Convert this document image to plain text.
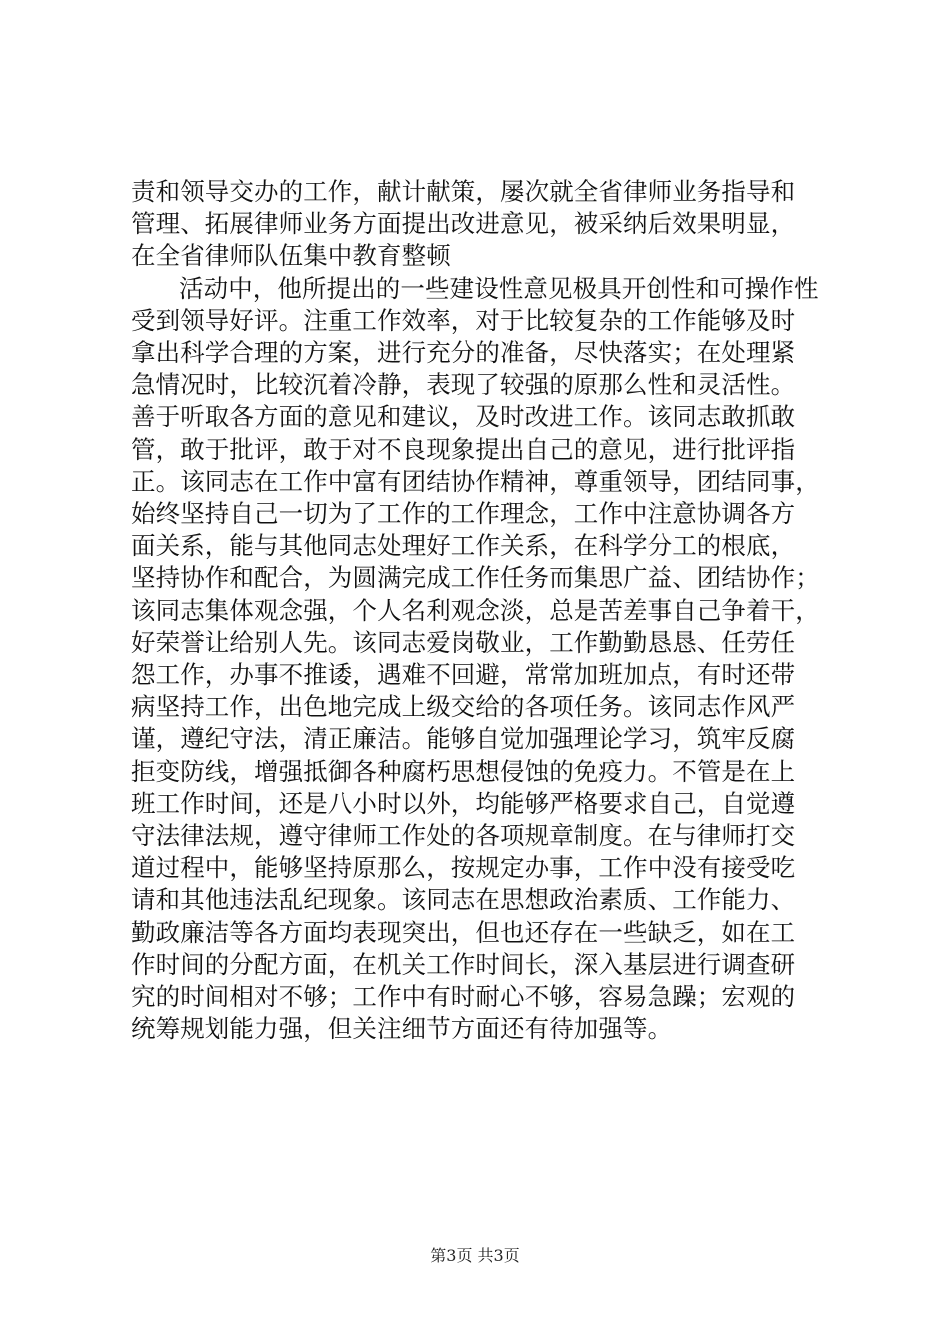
责和领导交办的工作，献计献策，屡次就全省律师业务指导和
管理、拓展律师业务方面提出改进意见，被采纳后效果明显，
在全省律师队伍集中教育整顿
活动中，他所提出的一些建设性意见极具开创性和可操作性
受到领导好评。注重工作效率，对于比较复杂的工作能够及时
拿出科学合理的方案，进行充分的准备，尽快落实；在处理紧
急情况时，比较沉着冷静，表现了较强的原那么性和灵活性。
善于听取各方面的意见和建议，及时改进工作。该同志敢抓敢
管，敢于批评，敢于对不良现象提出自己的意见，进行批评指
正。该同志在工作中富有团结协作精神，尊重领导，团结同事，
始终坚持自己一切为了工作的工作理念，工作中注意协调各方
面关系，能与其他同志处理好工作关系，在科学分工的根底，
坚持协作和配合，为圆满完成工作任务而集思广益、团结协作；
该同志集体观念强，个人名利观念淡，总是苦差事自己争着干，
好荣誉让给别人先。该同志爱岗敬业，工作勤勤恳恳、任劳任
怨工作，办事不推诿，遇难不回避，常常加班加点，有时还带
病坚持工作，出色地完成上级交给的各项任务。该同志作风严
谨，遵纪守法，清正廉洁。能够自觉加强理论学习，筑牢反腐
拒变防线，增强抵御各种腐朽思想侵蚀的免疫力。不管是在上
班工作时间，还是八小时以外，均能够严格要求自己，自觉遵
守法律法规，遵守律师工作处的各项规章制度。在与律师打交
道过程中，能够坚持原那么，按规定办事，工作中没有接受吃
请和其他违法乱纪现象。该同志在思想政治素质、工作能力、
勤政廉洁等各方面均表现突出，但也还存在一些缺乏，如在工
作时间的分配方面，在机关工作时间长，深入基层进行调查研
究的时间相对不够；工作中有时耐心不够，容易急躁；宏观的
统筹规划能力强，但关注细节方面还有待加强等。
第3页 共3页
